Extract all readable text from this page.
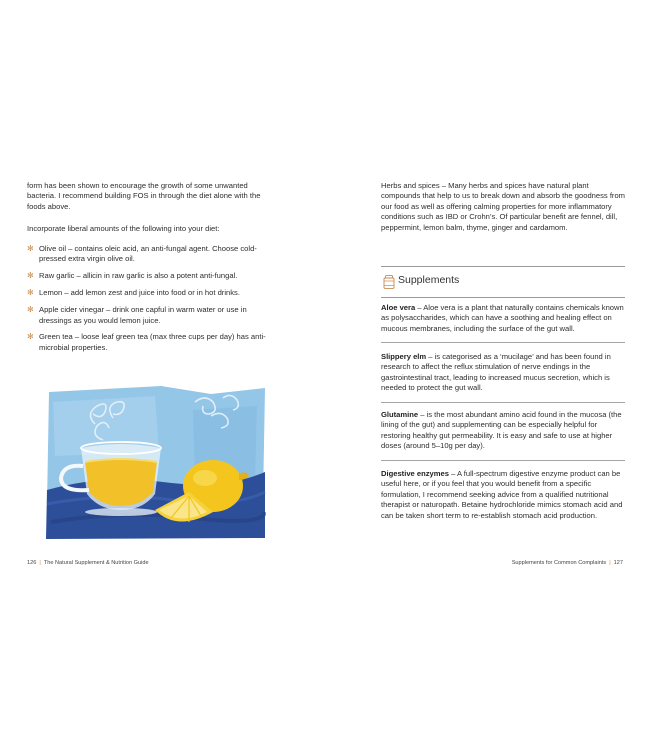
form has been shown to encourage the growth of some unwanted bacteria. I recommend building FOS in through the diet alone with the foods above.

Incorporate liberal amounts of the following into your diet:

✻ Olive oil – contains oleic acid, an anti-fungal agent. Choose cold-pressed extra virgin olive oil.
✻ Raw garlic – allicin in raw garlic is also a potent anti-fungal.
✻ Lemon – add lemon zest and juice into food or in hot drinks.
✻ Apple cider vinegar – drink one capful in warm water or use in dressings as you would lemon juice.
✻ Green tea – loose leaf green tea (max three cups per day) has anti-microbial properties.
126 | The Natural Supplement & Nutrition Guide

Herbs and spices – Many herbs and spices have natural plant compounds that help to us to break down and absorb the goodness from our food as well as offering calming properties for more inflammatory conditions such as IBD or Crohn’s. Of particular benefit are fennel, dill, peppermint, lemon balm, thyme, ginger and cardamom.

Supplements
Aloe vera – Aloe vera is a plant that naturally contains chemicals known as polysaccharides, which can have a soothing and healing effect on mucous membranes, including the surface of the gut wall.
Slippery elm – is categorised as a ‘mucilage’ and has been found in research to affect the reflux stimulation of nerve endings in the gastrointestinal tract, leading to increased mucus secretion, which is needed to protect the gut wall.
Glutamine – is the most abundant amino acid found in the mucosa (the lining of the gut) and supplementing can be especially helpful for restoring healthy gut permeability. It is easy and safe to use at higher doses (around 5–10g per day).
Digestive enzymes – A full-spectrum digestive enzyme product can be useful here, or if you feel that you would benefit from a specific formulation, I recommend seeking advice from a qualified nutritional therapist or naturopath. Betaine hydrochloride mimics stomach acid and can be taken short term to re-establish stomach acid production.
Supplements for Common Complaints | 127
